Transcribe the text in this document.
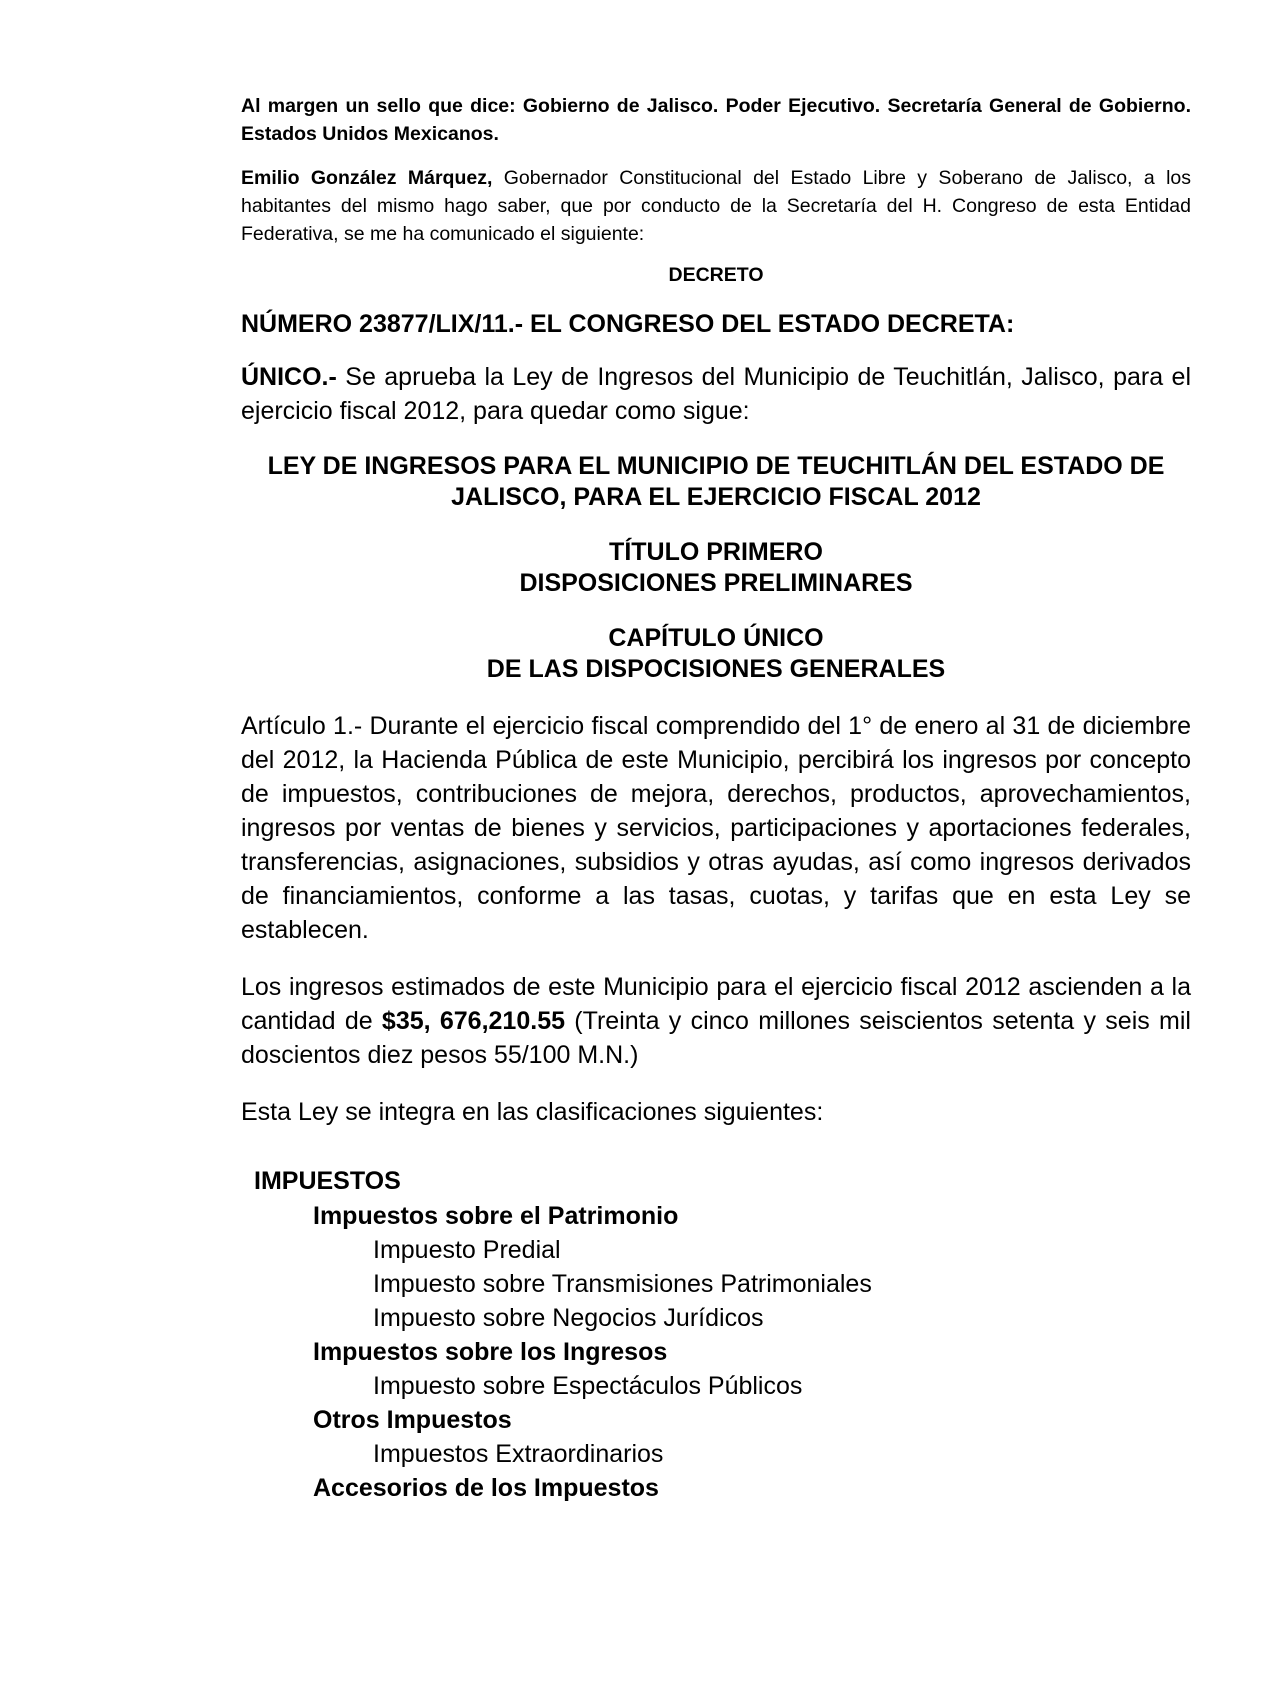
Al margen un sello que dice: Gobierno de Jalisco. Poder Ejecutivo. Secretaría General de Gobierno. Estados Unidos Mexicanos.

Emilio González Márquez, Gobernador Constitucional del Estado Libre y Soberano de Jalisco, a los habitantes del mismo hago saber, que por conducto de la Secretaría del H. Congreso de esta Entidad Federativa, se me ha comunicado el siguiente:

DECRETO

NÚMERO 23877/LIX/11.- EL CONGRESO DEL ESTADO DECRETA:

ÚNICO.- Se aprueba la Ley de Ingresos del Municipio de Teuchitlán, Jalisco, para el ejercicio fiscal 2012, para quedar como sigue:

LEY DE INGRESOS PARA EL MUNICIPIO DE TEUCHITLÁN DEL ESTADO DE

JALISCO, PARA EL EJERCICIO FISCAL 2012

TÍTULO PRIMERO

DISPOSICIONES PRELIMINARES

CAPÍTULO ÚNICO

DE LAS DISPOCISIONES GENERALES

Artículo 1.- Durante el ejercicio fiscal comprendido del 1° de enero al 31 de diciembre del 2012, la Hacienda Pública de este Municipio, percibirá los ingresos por concepto de impuestos, contribuciones de mejora, derechos, productos, aprovechamientos, ingresos por ventas de bienes y servicios, participaciones y aportaciones federales, transferencias, asignaciones, subsidios y otras ayudas, así como ingresos derivados de financiamientos, conforme a las tasas, cuotas, y tarifas que en esta Ley se establecen.

Los ingresos estimados de este Municipio para el ejercicio fiscal 2012 ascienden a la cantidad de $35, 676,210.55 (Treinta y cinco millones seiscientos setenta y seis mil doscientos diez pesos 55/100 M.N.)

Esta Ley se integra en las clasificaciones siguientes:

IMPUESTOS
Impuestos sobre el Patrimonio
Impuesto Predial
Impuesto sobre Transmisiones Patrimoniales
Impuesto sobre Negocios Jurídicos
Impuestos sobre los Ingresos
Impuesto sobre Espectáculos Públicos
Otros Impuestos
Impuestos Extraordinarios
Accesorios de los Impuestos
